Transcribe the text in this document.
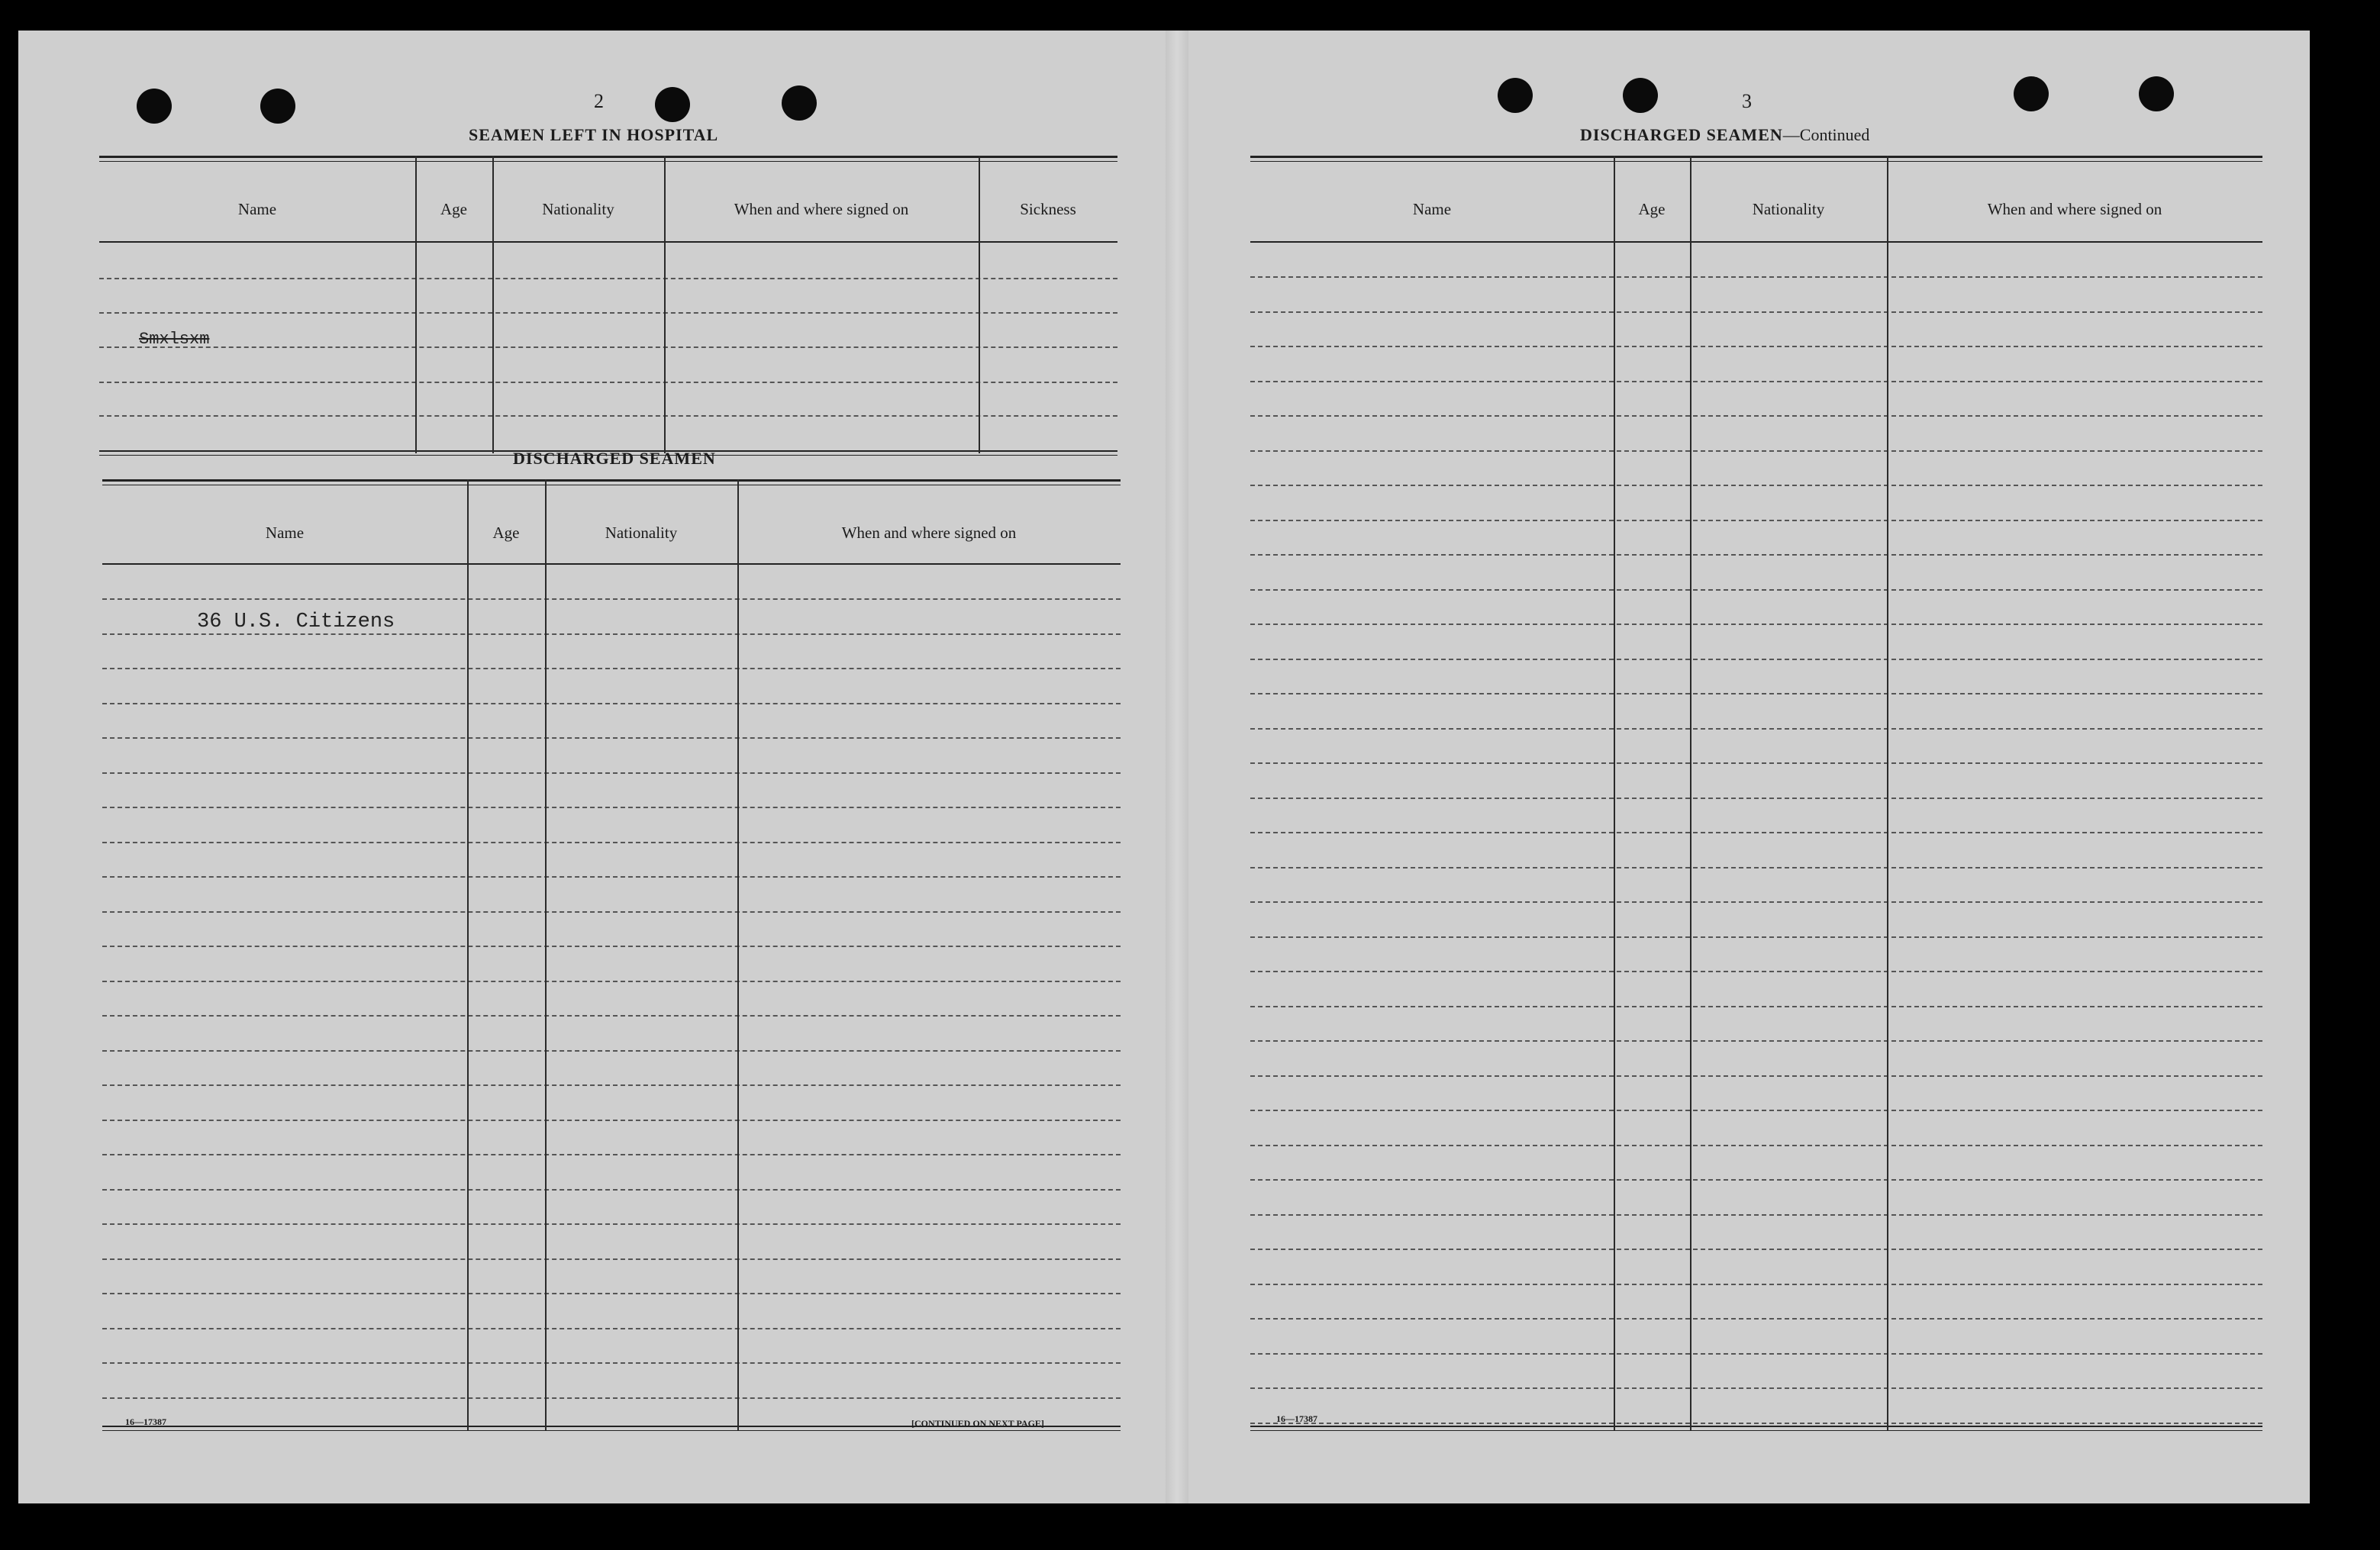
2
SEAMEN LEFT IN HOSPITAL
Name	Age	Nationality	When and where signed on	Sickness
Smxlsxm
DISCHARGED SEAMEN
Name	Age	Nationality	When and where signed on
36 U.S. Citizens
16—17387	[CONTINUED ON NEXT PAGE]
3
DISCHARGED SEAMEN—Continued
Name	Age	Nationality	When and where signed on
16—17387
